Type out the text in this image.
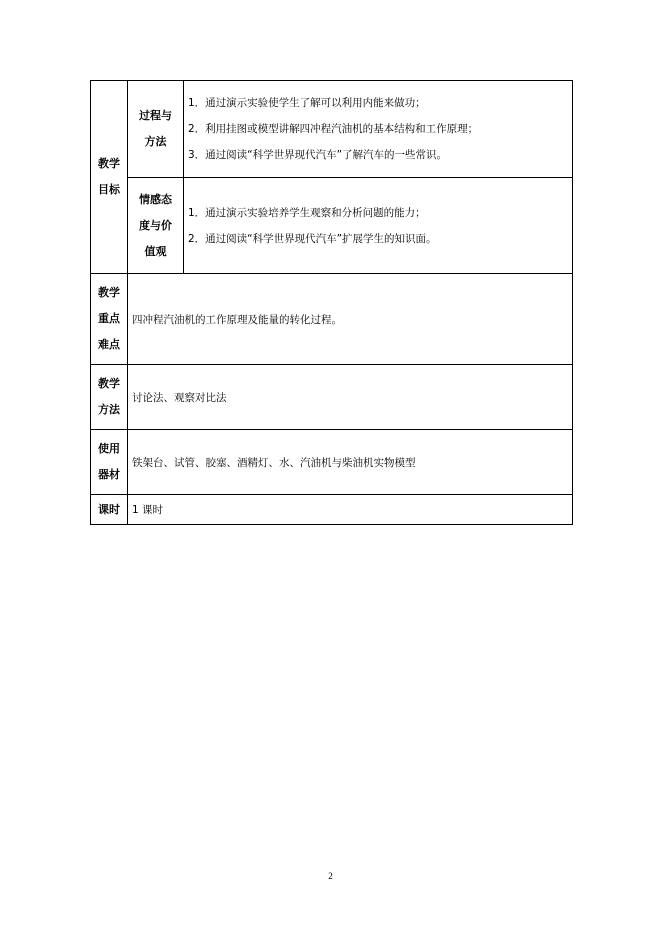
教学目标	过程与方法	1．通过演示实验使学生了解可以利用内能来做功；
2．利用挂图或模型讲解四冲程汽油机的基本结构和工作原理；
3．通过阅读“科学世界现代汽车”了解汽车的一些常识。

	情感态度与价值观	1．通过演示实验培养学生观察和分析问题的能力；
2．通过阅读“科学世界现代汽车”扩展学生的知识面。

教学重点难点	四冲程汽油机的工作原理及能量的转化过程。	

教学方法	讨论法、观察对比法	

使用器材	铁架台、试管、胶塞、酒精灯、水、汽油机与柴油机实物模型	

课时	1 课时	
2
